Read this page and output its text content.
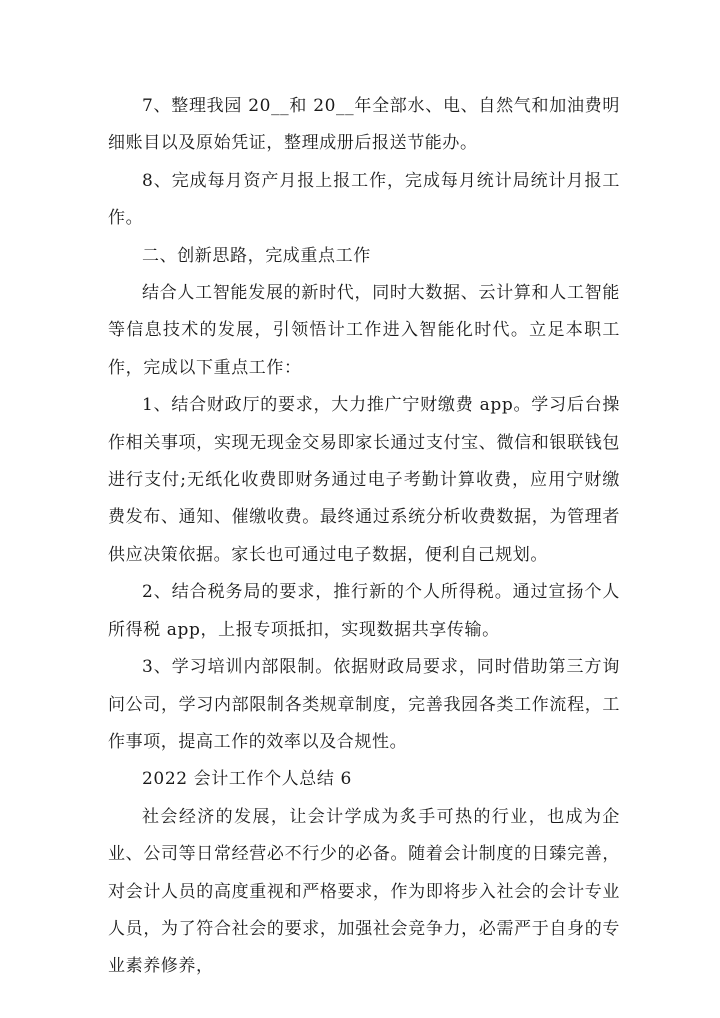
7、整理我园 20__和 20__年全部水、电、自然气和加油费明细账目以及原始凭证，整理成册后报送节能办。

8、完成每月资产月报上报工作，完成每月统计局统计月报工作。

二、创新思路，完成重点工作

结合人工智能发展的新时代，同时大数据、云计算和人工智能等信息技术的发展，引领悟计工作进入智能化时代。立足本职工作，完成以下重点工作：

1、结合财政厅的要求，大力推广宁财缴费 app。学习后台操作相关事项，实现无现金交易即家长通过支付宝、微信和银联钱包进行支付;无纸化收费即财务通过电子考勤计算收费，应用宁财缴费发布、通知、催缴收费。最终通过系统分析收费数据，为管理者供应决策依据。家长也可通过电子数据，便利自己规划。

2、结合税务局的要求，推行新的个人所得税。通过宣扬个人所得税 app，上报专项抵扣，实现数据共享传输。

3、学习培训内部限制。依据财政局要求，同时借助第三方询问公司，学习内部限制各类规章制度，完善我园各类工作流程，工作事项，提高工作的效率以及合规性。

2022 会计工作个人总结 6

社会经济的发展，让会计学成为炙手可热的行业，也成为企业、公司等日常经营必不行少的必备。随着会计制度的日臻完善，对会计人员的高度重视和严格要求，作为即将步入社会的会计专业人员，为了符合社会的要求，加强社会竞争力，必需严于自身的专业素养修养，
